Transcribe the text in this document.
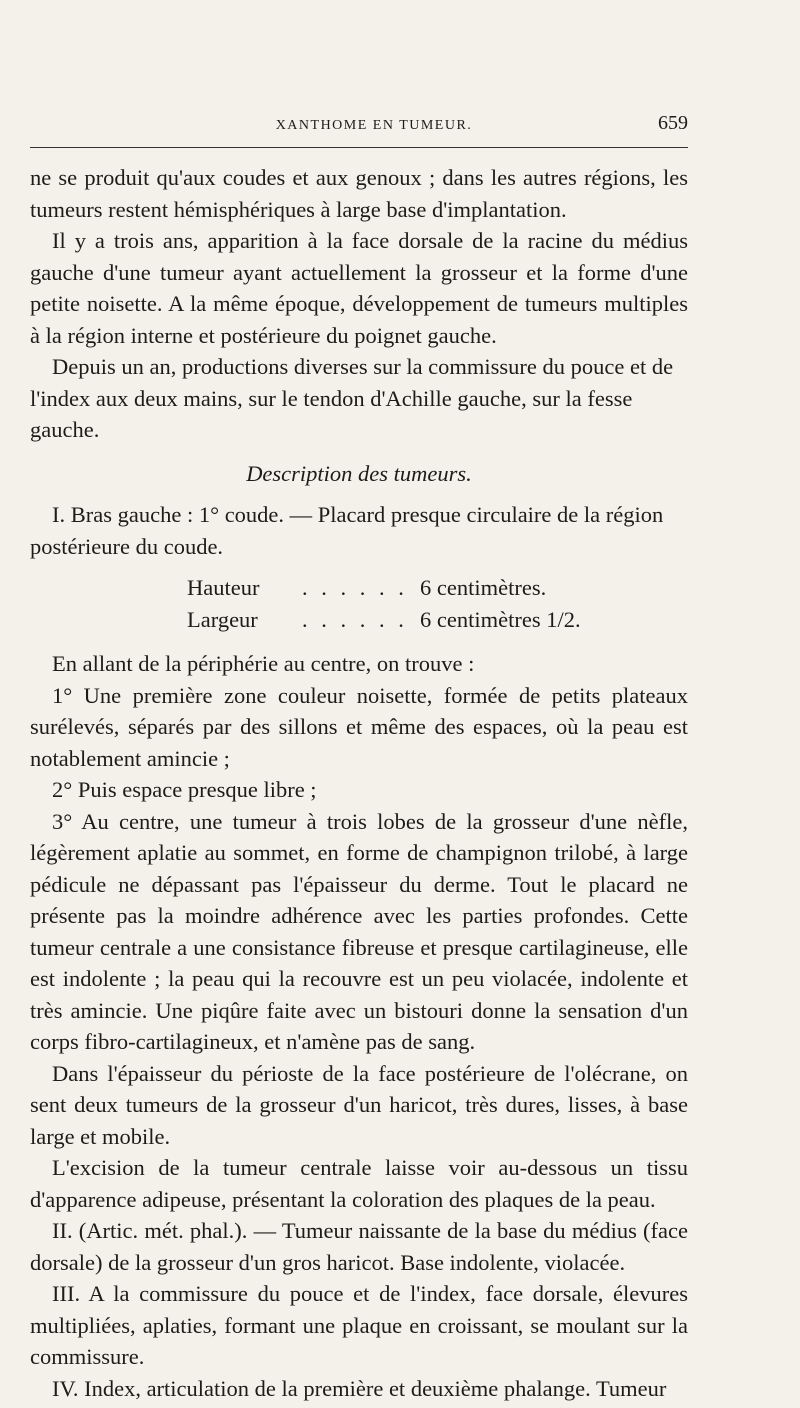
XANTHOME EN TUMEUR.	659

ne se produit qu'aux coudes et aux genoux ; dans les autres régions, les tumeurs restent hémisphériques à large base d'implantation.

Il y a trois ans, apparition à la face dorsale de la racine du médius gauche d'une tumeur ayant actuellement la grosseur et la forme d'une petite noisette. A la même époque, développement de tumeurs multiples à la région interne et postérieure du poignet gauche.

Depuis un an, productions diverses sur la commissure du pouce et de l'index aux deux mains, sur le tendon d'Achille gauche, sur la fesse gauche.

Description des tumeurs.

I. Bras gauche : 1° coude. — Placard presque circulaire de la région postérieure du coude.

Hauteur	. . . . . . 6 centimètres.
Largeur	. . . . . . 6 centimètres 1/2.

En allant de la périphérie au centre, on trouve :

1° Une première zone couleur noisette, formée de petits plateaux surélevés, séparés par des sillons et même des espaces, où la peau est notablement amincie ;

2° Puis espace presque libre ;

3° Au centre, une tumeur à trois lobes de la grosseur d'une nèfle, légèrement aplatie au sommet, en forme de champignon trilobé, à large pédicule ne dépassant pas l'épaisseur du derme. Tout le placard ne présente pas la moindre adhérence avec les parties profondes. Cette tumeur centrale a une consistance fibreuse et presque cartilagineuse, elle est indolente ; la peau qui la recouvre est un peu violacée, indolente et très amincie. Une piqûre faite avec un bistouri donne la sensation d'un corps fibro-cartilagineux, et n'amène pas de sang.

Dans l'épaisseur du périoste de la face postérieure de l'olécrane, on sent deux tumeurs de la grosseur d'un haricot, très dures, lisses, à base large et mobile.

L'excision de la tumeur centrale laisse voir au-dessous un tissu d'apparence adipeuse, présentant la coloration des plaques de la peau.

II. (Artic. mét. phal.). — Tumeur naissante de la base du médius (face dorsale) de la grosseur d'un gros haricot. Base indolente, violacée.

III. A la commissure du pouce et de l'index, face dorsale, élevures multipliées, aplaties, formant une plaque en croissant, se moulant sur la commissure.

IV. Index, articulation de la première et deuxième phalange. Tumeur
